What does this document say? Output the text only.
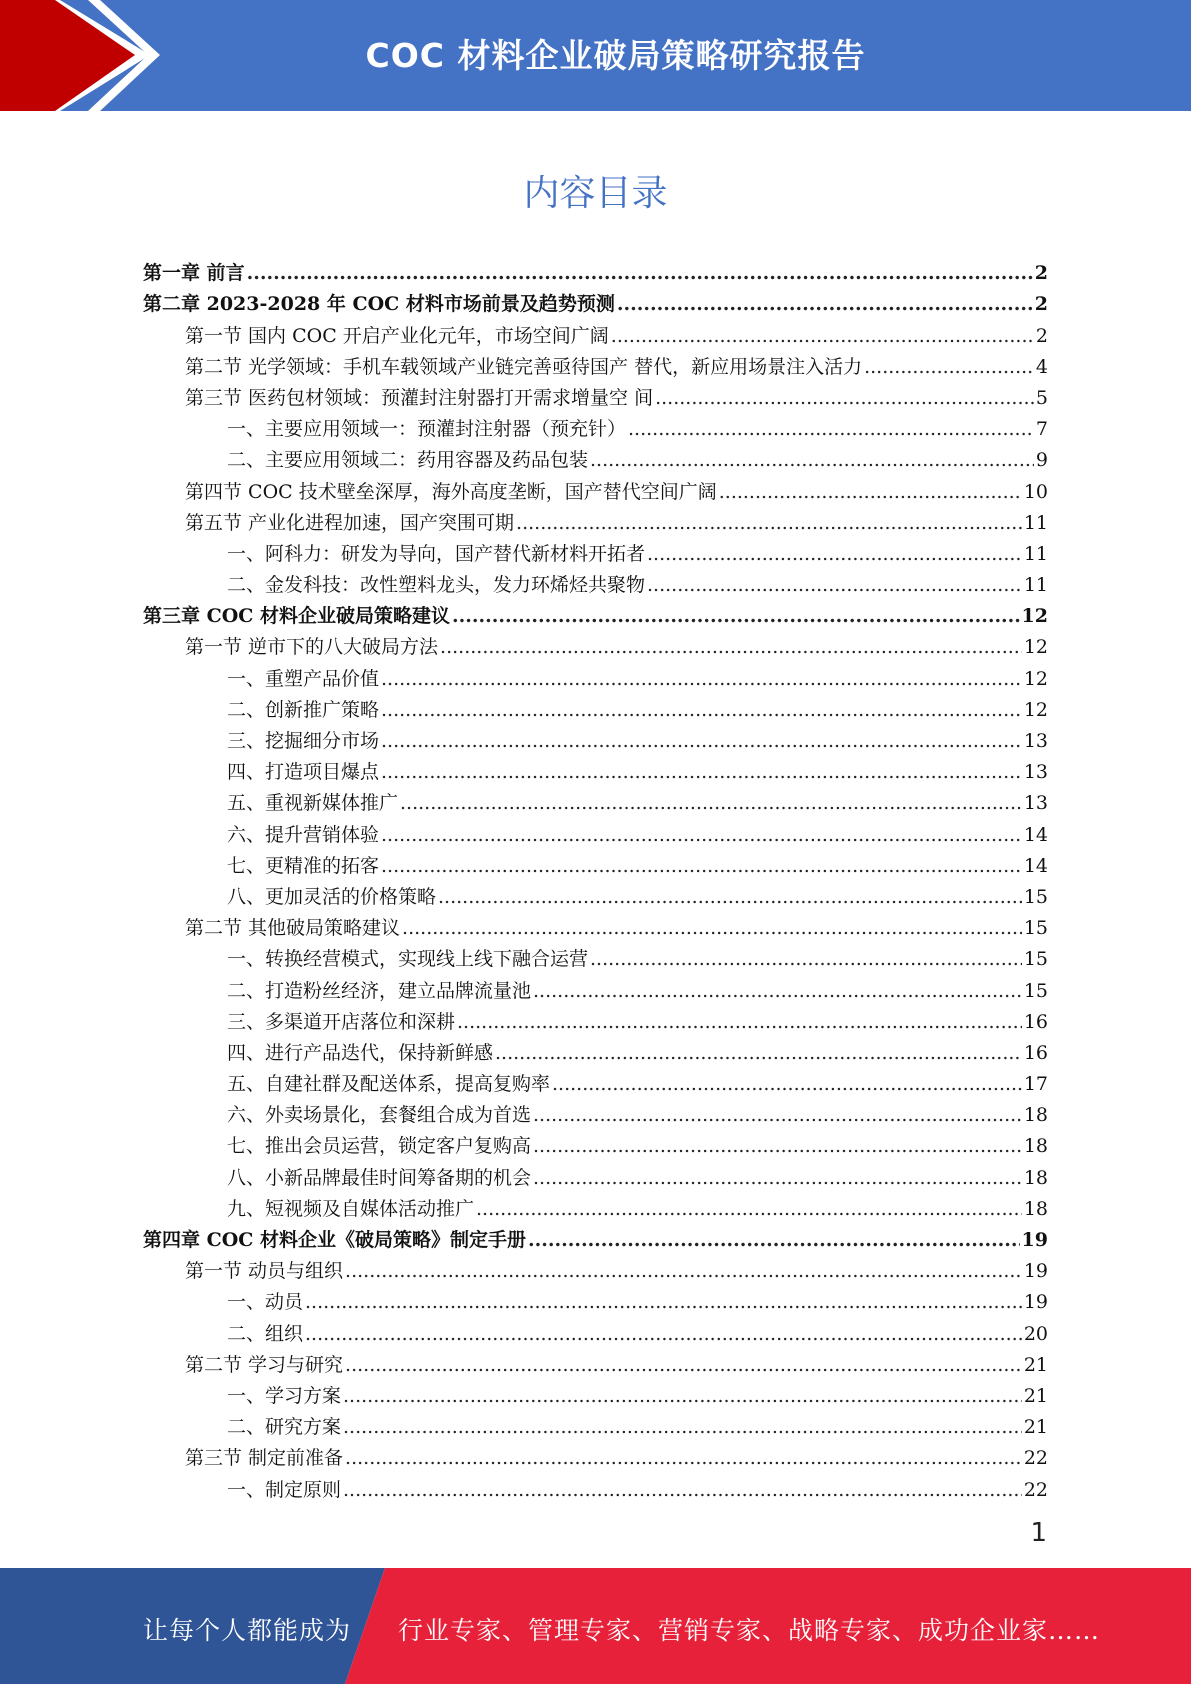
COC 材料企业破局策略研究报告
内容目录
第一章 前言 .....	2
第二章 2023-2028 年 COC 材料市场前景及趋势预测 .....	2
第一节 国内 COC 开启产业化元年，市场空间广阔 .....	2
第二节 光学领域：手机车载领域产业链完善亟待国产 替代，新应用场景注入活力 .....	4
第三节 医药包材领域：预灌封注射器打开需求增量空 间 .....	5
一、主要应用领域一：预灌封注射器（预充针） .....	7
二、主要应用领域二：药用容器及药品包装 .....	9
第四节 COC 技术壁垒深厚，海外高度垄断，国产替代空间广阔 .....	10
第五节 产业化进程加速，国产突围可期 .....	11
一、阿科力：研发为导向，国产替代新材料开拓者 .....	11
二、金发科技：改性塑料龙头，发力环烯烃共聚物 .....	11
第三章 COC 材料企业破局策略建议 .....	12
第一节 逆市下的八大破局方法 .....	12
一、重塑产品价值 .....	12
二、创新推广策略 .....	12
三、挖掘细分市场 .....	13
四、打造项目爆点 .....	13
五、重视新媒体推广 .....	13
六、提升营销体验 .....	14
七、更精准的拓客 .....	14
八、更加灵活的价格策略 .....	15
第二节 其他破局策略建议 .....	15
一、转换经营模式，实现线上线下融合运营 .....	15
二、打造粉丝经济，建立品牌流量池 .....	15
三、多渠道开店落位和深耕 .....	16
四、进行产品迭代，保持新鲜感 .....	16
五、自建社群及配送体系，提高复购率 .....	17
六、外卖场景化，套餐组合成为首选 .....	18
七、推出会员运营，锁定客户复购高 .....	18
八、小新品牌最佳时间筹备期的机会 .....	18
九、短视频及自媒体活动推广 .....	18
第四章 COC 材料企业《破局策略》制定手册 .....	19
第一节 动员与组织 .....	19
一、动员 .....	19
二、组织 .....	20
第二节 学习与研究 .....	21
一、学习方案 .....	21
二、研究方案 .....	21
第三节 制定前准备 .....	22
一、制定原则 .....	22
1
让每个人都能成为 行业专家、管理专家、营销专家、战略专家、成功企业家……
